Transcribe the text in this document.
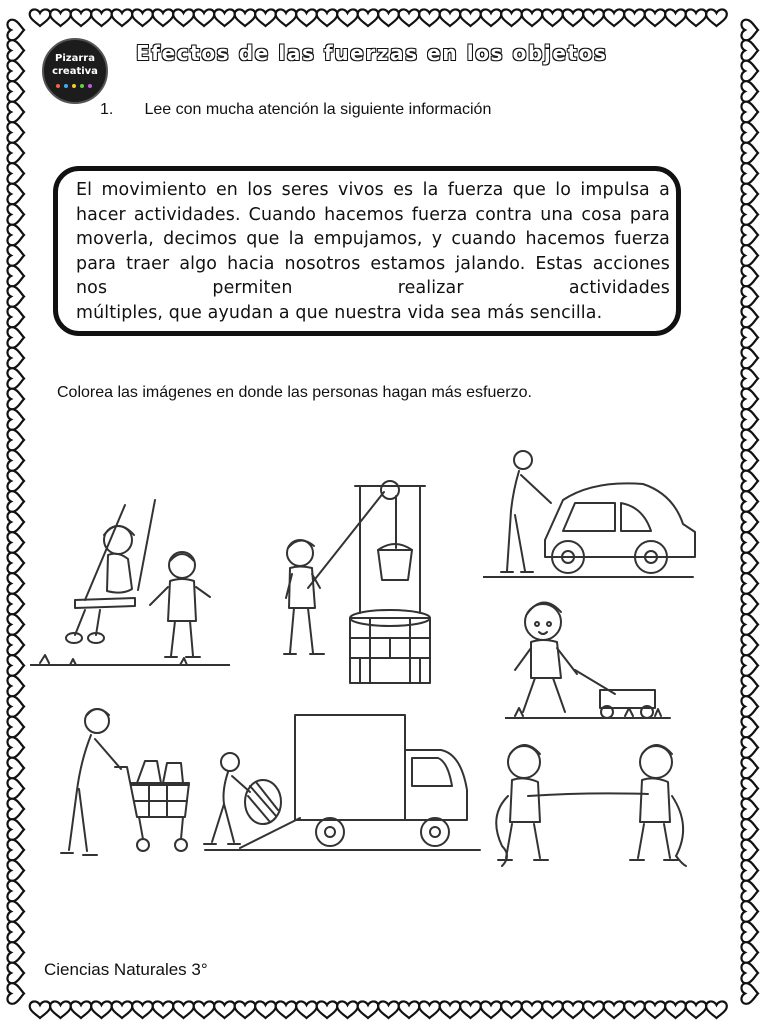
Pizarra
creativa
Efectos de las fuerzas en los objetos
1. Lee con mucha atención la siguiente información
El movimiento en los seres vivos es la fuerza que lo impulsa a hacer actividades. Cuando hacemos fuerza contra una cosa para moverla, decimos que la empujamos, y cuando hacemos fuerza para traer algo hacia nosotros estamos jalando. Estas acciones nos permiten realizar actividades
múltiples, que ayudan a que nuestra vida sea más sencilla.
Colorea las imágenes en donde las personas hagan más esfuerzo.
Ciencias Naturales 3°
